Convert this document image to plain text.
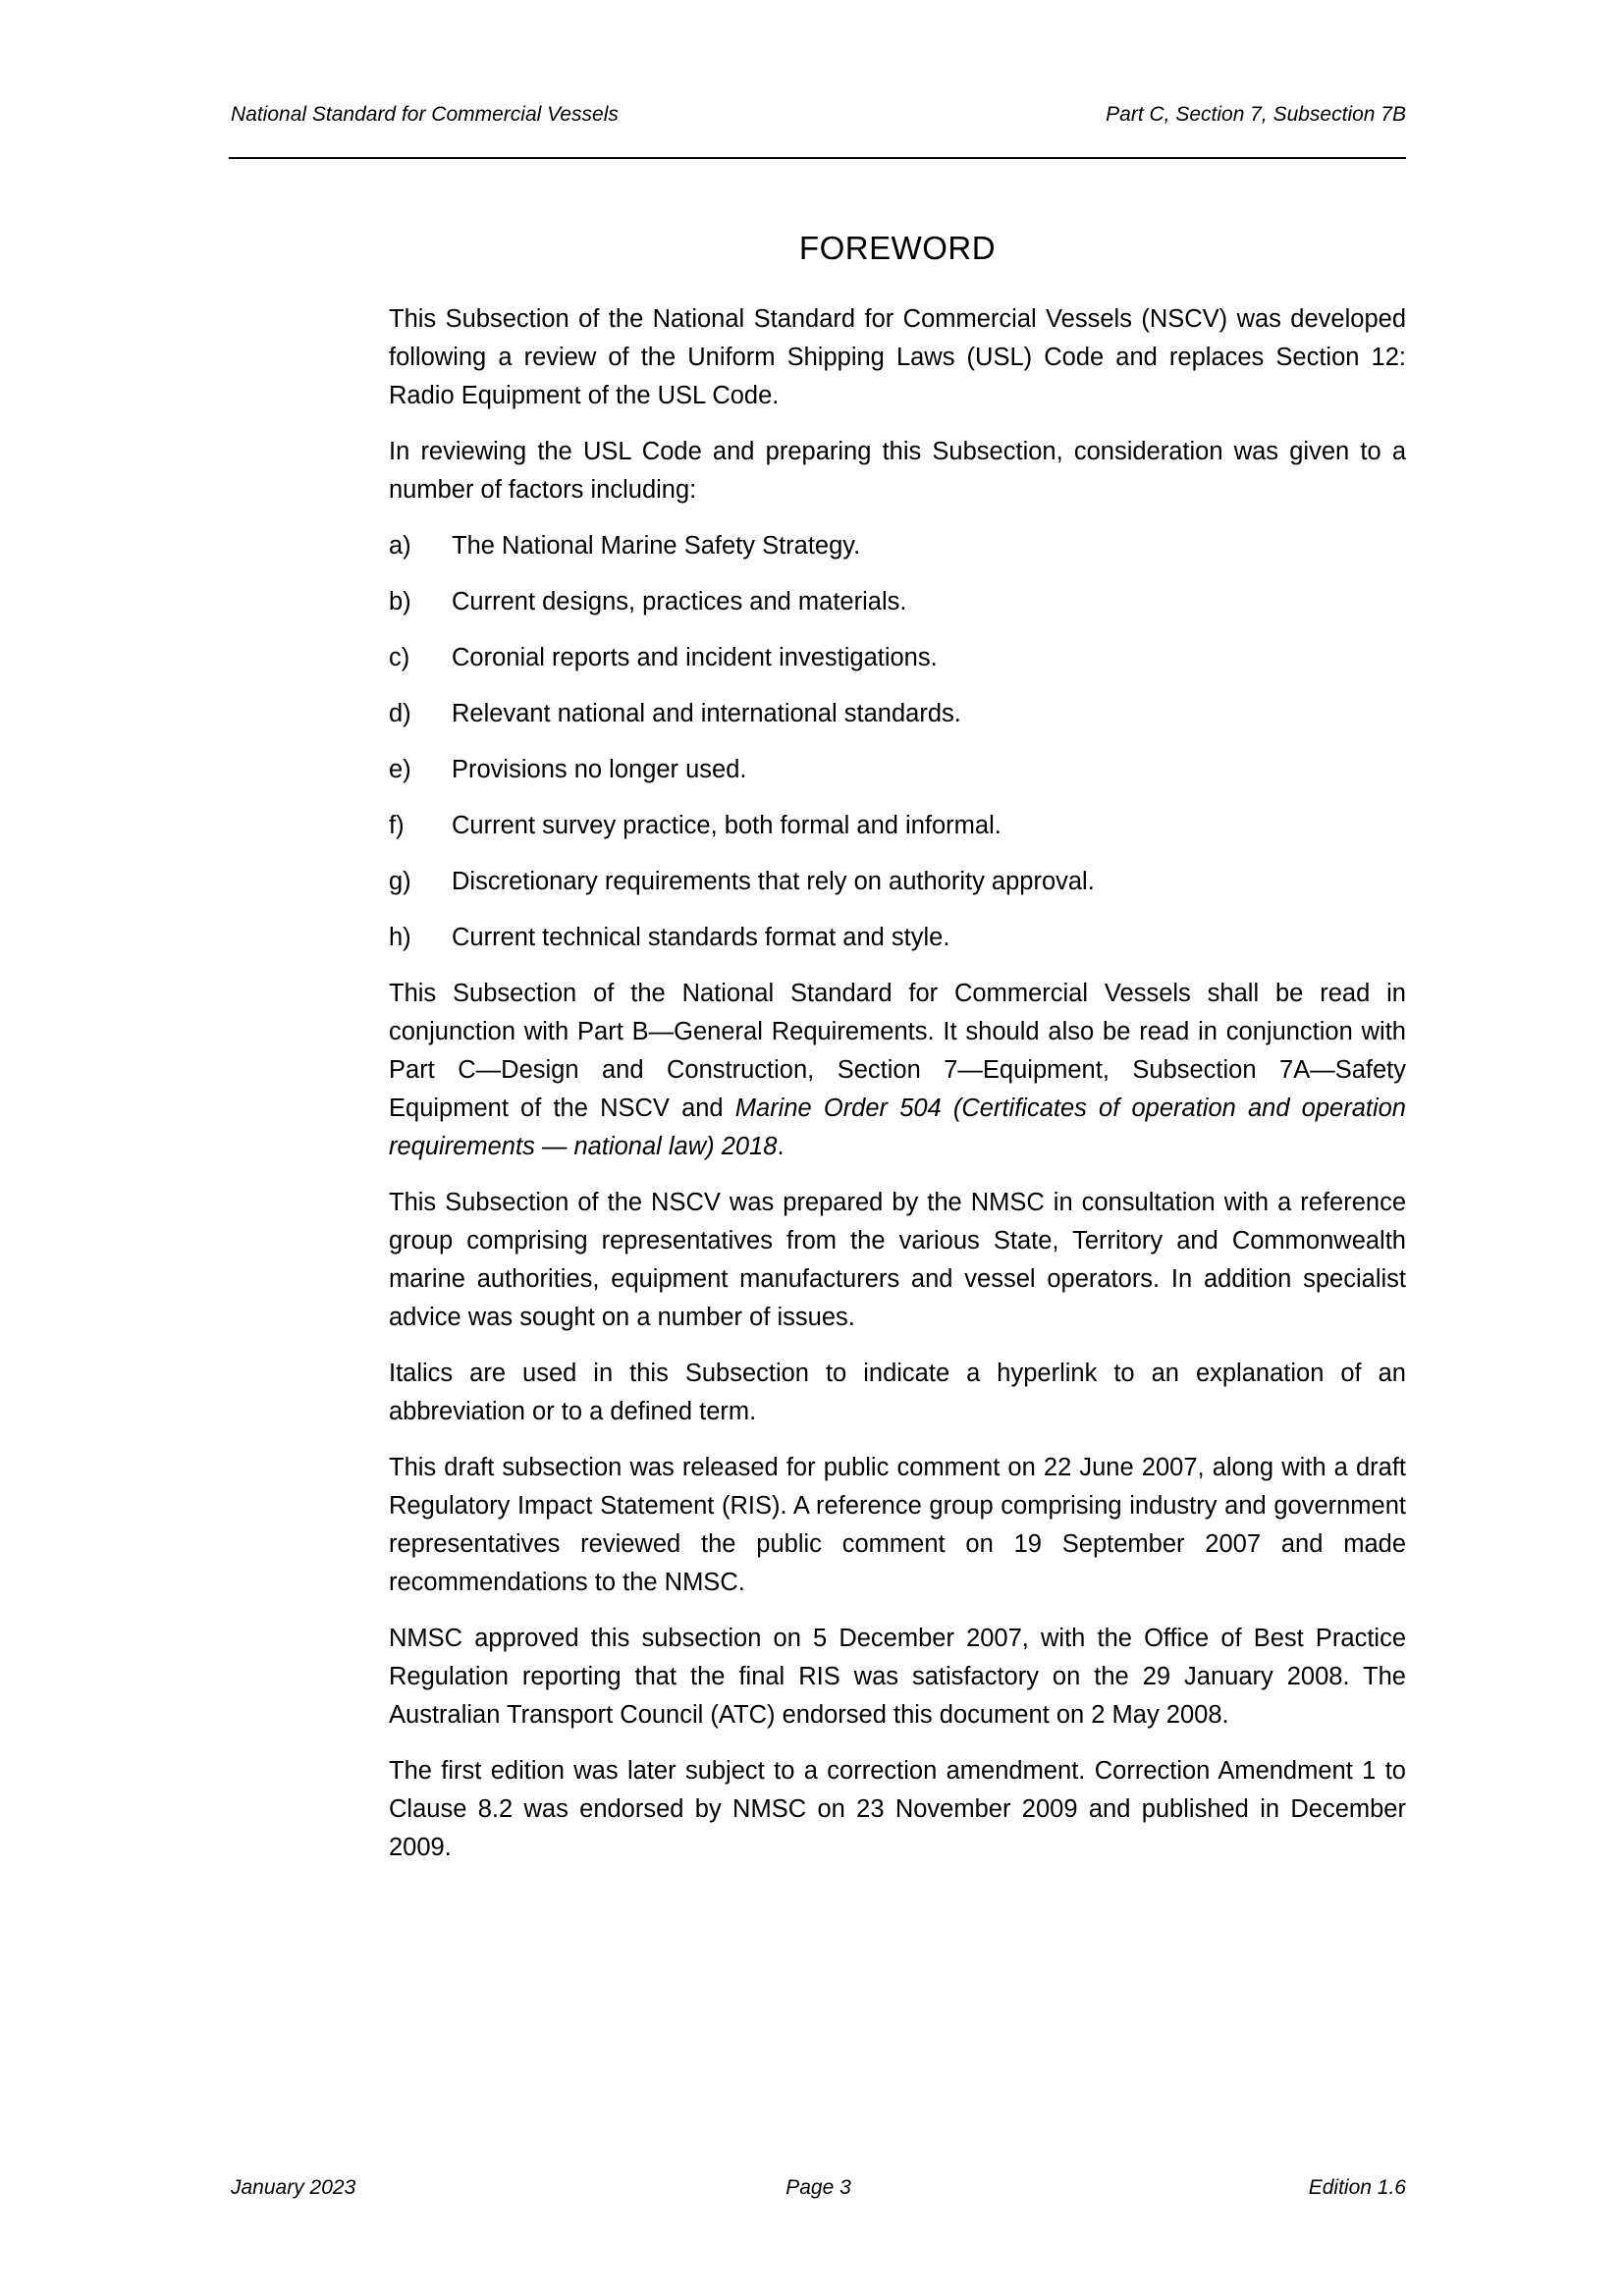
National Standard for Commercial Vessels	Part C, Section 7, Subsection 7B
FOREWORD

This Subsection of the National Standard for Commercial Vessels (NSCV) was developed following a review of the Uniform Shipping Laws (USL) Code and replaces Section 12: Radio Equipment of the USL Code.

In reviewing the USL Code and preparing this Subsection, consideration was given to a number of factors including:

a)	The National Marine Safety Strategy.
b)	Current designs, practices and materials.
c)	Coronial reports and incident investigations.
d)	Relevant national and international standards.
e)	Provisions no longer used.
f)	Current survey practice, both formal and informal.
g)	Discretionary requirements that rely on authority approval.
h)	Current technical standards format and style.

This Subsection of the National Standard for Commercial Vessels shall be read in conjunction with Part B—General Requirements. It should also be read in conjunction with Part C—Design and Construction, Section 7—Equipment, Subsection 7A—Safety Equipment of the NSCV and Marine Order 504 (Certificates of operation and operation requirements — national law) 2018.

This Subsection of the NSCV was prepared by the NMSC in consultation with a reference group comprising representatives from the various State, Territory and Commonwealth marine authorities, equipment manufacturers and vessel operators. In addition specialist advice was sought on a number of issues.

Italics are used in this Subsection to indicate a hyperlink to an explanation of an abbreviation or to a defined term.

This draft subsection was released for public comment on 22 June 2007, along with a draft Regulatory Impact Statement (RIS). A reference group comprising industry and government representatives reviewed the public comment on 19 September 2007 and made recommendations to the NMSC.

NMSC approved this subsection on 5 December 2007, with the Office of Best Practice Regulation reporting that the final RIS was satisfactory on the 29 January 2008. The Australian Transport Council (ATC) endorsed this document on 2 May 2008.

The first edition was later subject to a correction amendment. Correction Amendment 1 to Clause 8.2 was endorsed by NMSC on 23 November 2009 and published in December 2009.

January 2023	Page 3	Edition 1.6
